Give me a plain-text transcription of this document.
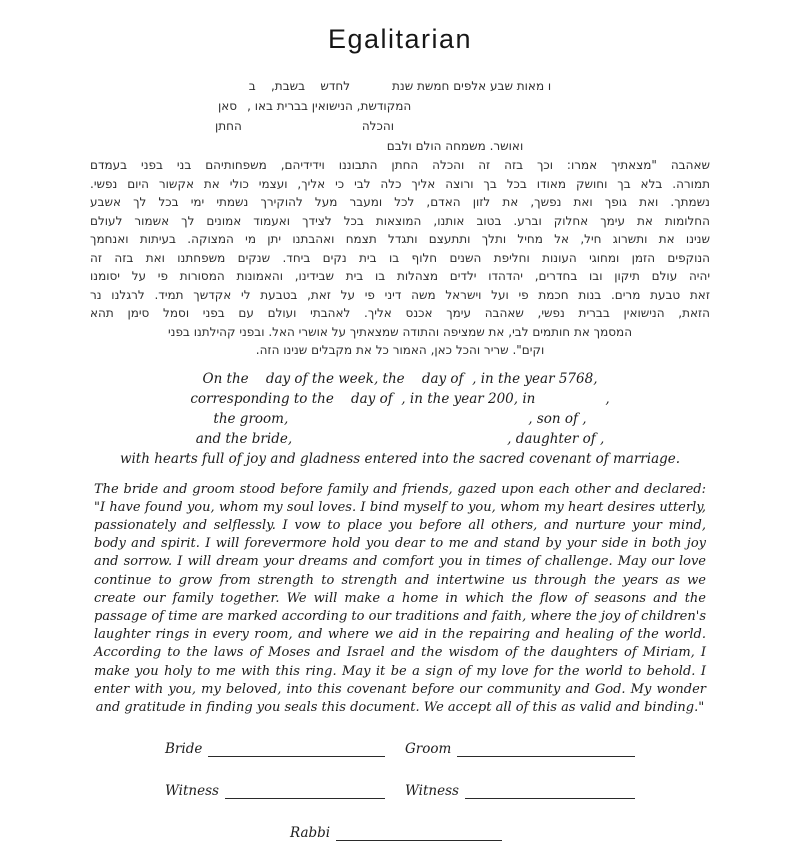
Egalitarian
ו מאות שבע אלפים חמשת שנת           לחדש    בשבת,    ב
סאן המקודשת, הנישואין בברית באו ,
החתן	והכלה
ואושר. משמחה הולם ולבם
שאהבה "מצאתיך אמרו: וכך בזה זה והכלה החתן התבוננו וידידיהם, משפחותיהם בני בפני בעמדם
תמורה. בלא בך וחושק מאודו בכל בך ורוצה אליך כלה לבי כי אליך, ועצמי כולי את אקשור היום נפשי.
נשמתך. ואת גופך ואת נפשך, את לזון האדם, לכל ומעבר מעל להוקירך נשמתי ימי בכל לך אשבע
החלומות את עימך אחלוק וברע. בטוב אותנו, המוצאות בכל לצידך ואעמוד אמונים לך אשמור לעולם
שנינו את ותשרוג חיל, אל מחיל ותלך ותתעצם ותגדל תצמח ואהבתנו יתן מי המצוקה. בעיתות ואנחמך
הנוקפים הזמן ומחוגי העונות וחליפת השנים חלוף בו בית נקים ביחד. שנקים משפחתנו ואת בזה זה
יהיה עולם תיקון ובו בחדרים, יהדהדו ילדים מצהלות בו בית שבידינו, והאמונות המסורות פי על יסומנו
זאת טבעת מרים. בנות חכמת פי ועל וישראל משה דיני פי על זאת, בטבעת לי אקדשך תמיד. לרגלנו נר
הזאת, הנישואין בברית נפשי, שאהבה עימך אכנס אליך. לאהבתי ועולם עם בפני וסמל סימן תהא
המסמך את חותמים לבי, את שמציפה והתודה שמצאתיך על אושרי האל. ובפני קהילתנו בפני
וקים". שריר והכל כאן, האמור כל את מקבלים שנינו הזה.
On the    day of the week, the    day of  , in the year 5768,
corresponding to the    day of  , in the year 200, in	,
the groom,	, son of ,
and the bride,	, daughter of ,
with hearts full of joy and gladness entered into the sacred covenant of marriage.
The bride and groom stood before family and friends, gazed upon each other and declared: "I have found you, whom my soul loves. I bind myself to you, whom my heart desires utterly, passionately and selflessly. I vow to place you before all others, and nurture your mind, body and spirit. I will forevermore hold you dear to me and stand by your side in both joy and sorrow. I will dream your dreams and comfort you in times of challenge. May our love continue to grow from strength to strength and intertwine us through the years as we create our family together. We will make a home in which the flow of seasons and the passage of time are marked according to our traditions and faith, where the joy of children's laughter rings in every room, and where we aid in the repairing and healing of the world. According to the laws of Moses and Israel and the wisdom of the daughters of Miriam, I make you holy to me with this ring. May it be a sign of my love for the world to behold. I enter with you, my beloved, into this covenant before our community and God. My wonder and gratitude in finding you seals this document. We accept all of this as valid and binding."
Bride	Groom
Witness	Witness
Rabbi
